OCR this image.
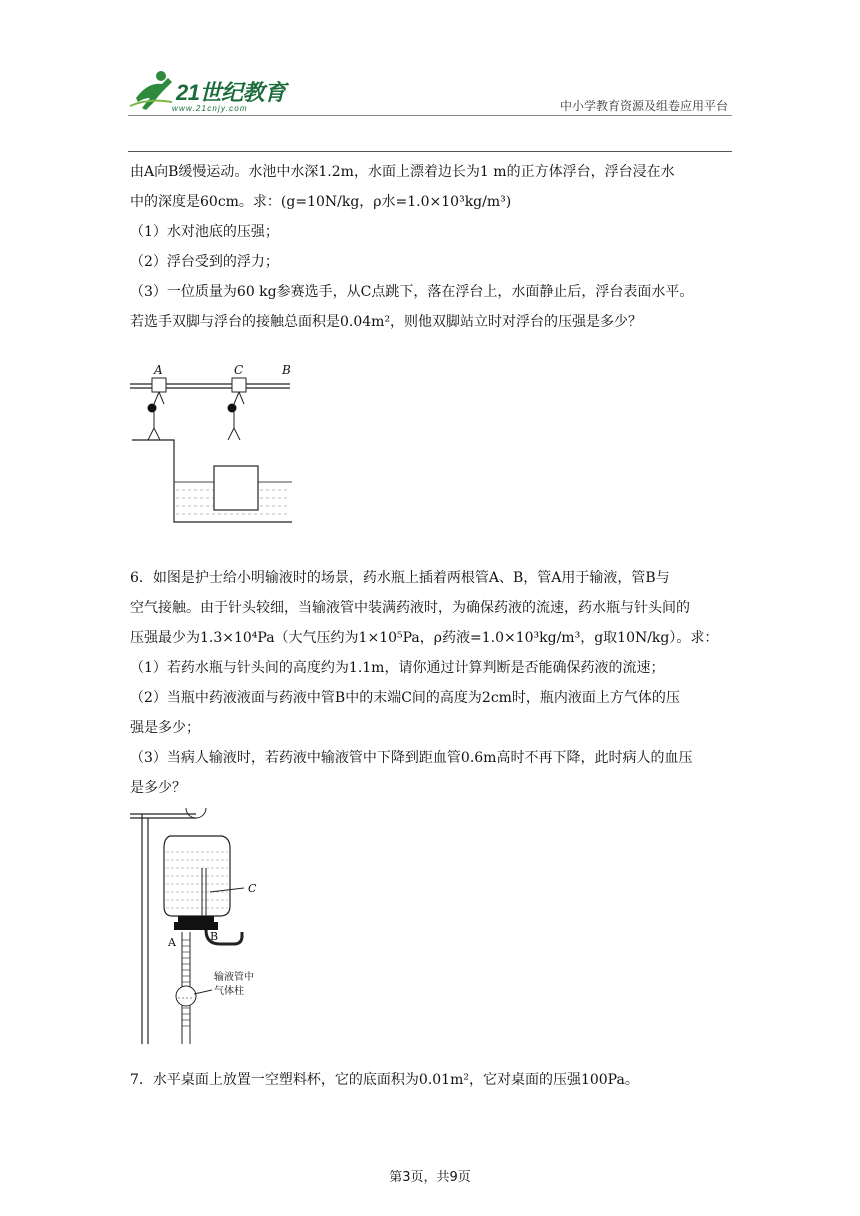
21世纪教育
www.21cnjy.com	中小学教育资源及组卷应用平台
由A向B缓慢运动。水池中水深1.2m，水面上漂着边长为1 m的正方体浮台，浮台浸在水
中的深度是60cm。求：(g=10N/kg，ρ水=1.0×10³kg/m³)
（1）水对池底的压强；
（2）浮台受到的浮力；
（3）一位质量为60 kg参赛选手，从C点跳下，落在浮台上，水面静止后，浮台表面水平。
若选手双脚与浮台的接触总面积是0.04m²，则他双脚站立时对浮台的压强是多少？
6．如图是护士给小明输液时的场景，药水瓶上插着两根管A、B，管A用于输液，管B与
空气接触。由于针头较细，当输液管中装满药液时，为确保药液的流速，药水瓶与针头间的
压强最少为1.3×10⁴Pa（大气压约为1×10⁵Pa，ρ药液=1.0×10³kg/m³，g取10N/kg）。求：
（1）若药水瓶与针头间的高度约为1.1m，请你通过计算判断是否能确保药液的流速；
（2）当瓶中药液液面与药液中管B中的末端C间的高度为2cm时，瓶内液面上方气体的压
强是多少；
（3）当病人输液时，若药液中输液管中下降到距血管0.6m高时不再下降，此时病人的血压
是多少？
7．水平桌面上放置一空塑料杯，它的底面积为0.01m²，它对桌面的压强100Pa。
A	C	B
C
A	B
输液管中
气体柱
第3页，共9页
